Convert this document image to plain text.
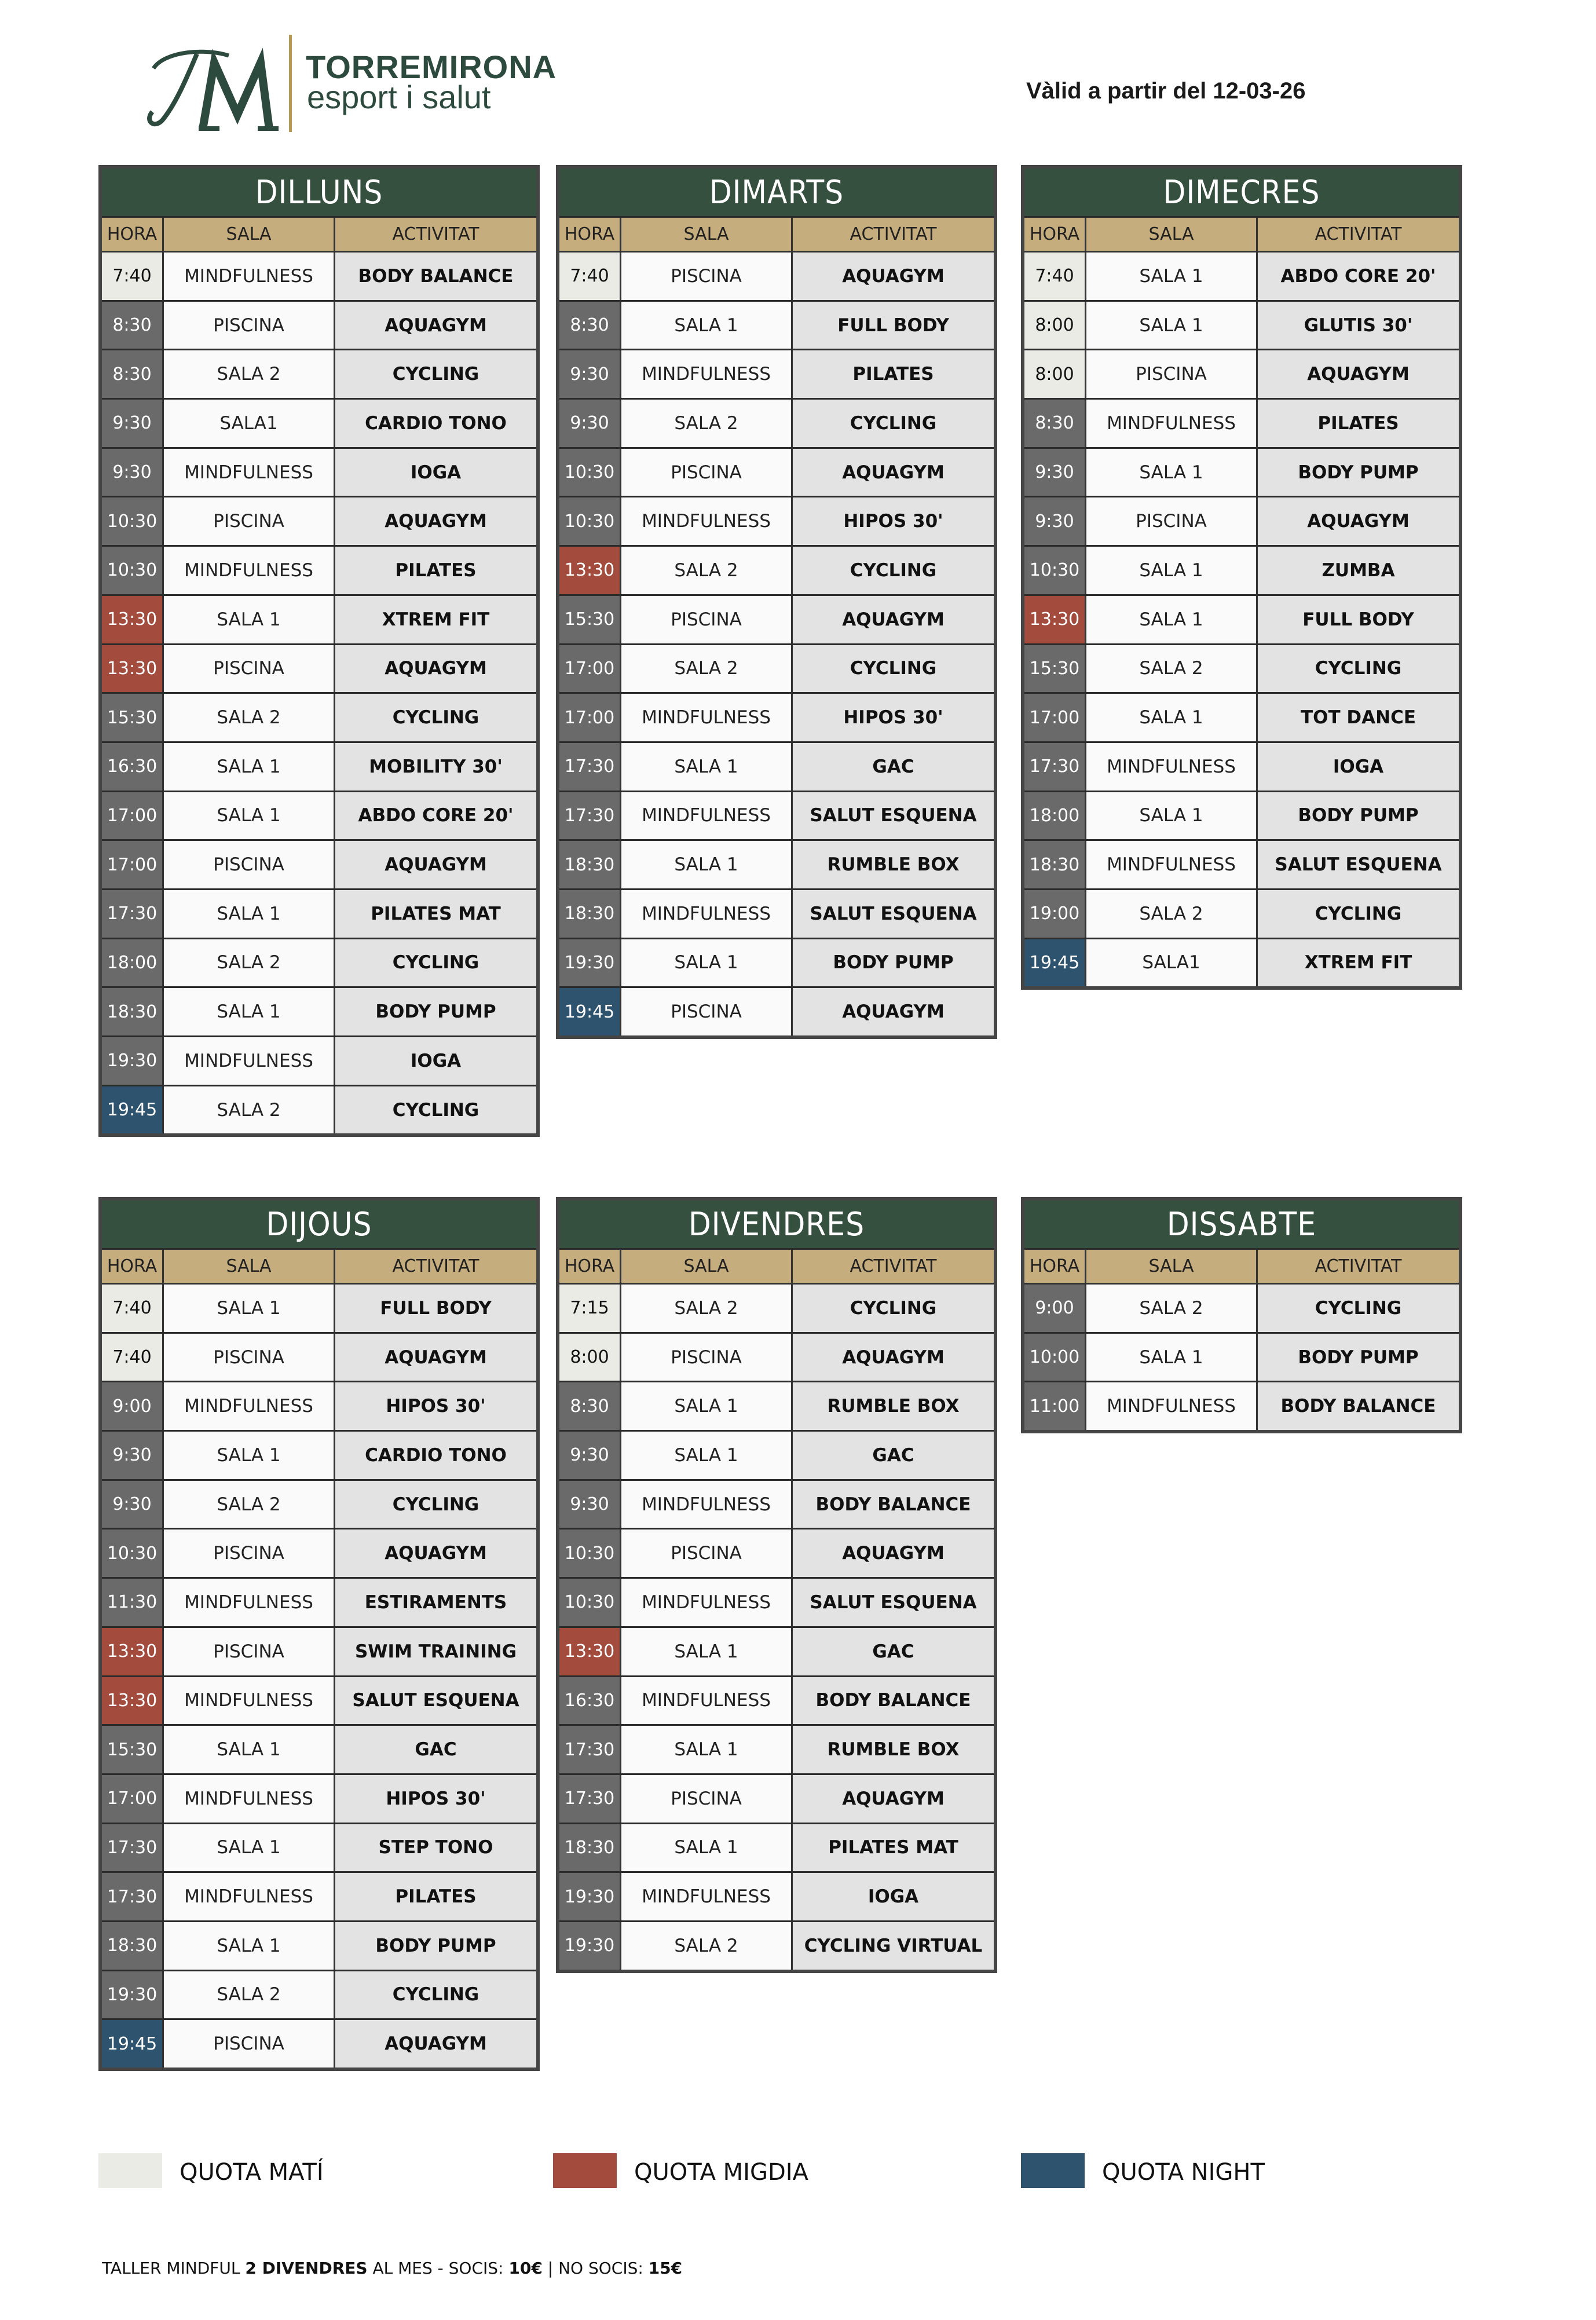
TORREMIRONA
esport i salut	Vàlid a partir del 12-03-26
DILLUNS
HORA	SALA	ACTIVITAT
7:40	MINDFULNESS	BODY BALANCE
8:30	PISCINA	AQUAGYM
8:30	SALA 2	CYCLING
9:30	SALA1	CARDIO TONO
9:30	MINDFULNESS	IOGA
10:30	PISCINA	AQUAGYM
10:30	MINDFULNESS	PILATES
13:30	SALA 1	XTREM FIT
13:30	PISCINA	AQUAGYM
15:30	SALA 2	CYCLING
16:30	SALA 1	MOBILITY 30'
17:00	SALA 1	ABDO CORE 20'
17:00	PISCINA	AQUAGYM
17:30	SALA 1	PILATES MAT
18:00	SALA 2	CYCLING
18:30	SALA 1	BODY PUMP
19:30	MINDFULNESS	IOGA
19:45	SALA 2	CYCLING
DIMARTS
HORA	SALA	ACTIVITAT
7:40	PISCINA	AQUAGYM
8:30	SALA 1	FULL BODY
9:30	MINDFULNESS	PILATES
9:30	SALA 2	CYCLING
10:30	PISCINA	AQUAGYM
10:30	MINDFULNESS	HIPOS 30'
13:30	SALA 2	CYCLING
15:30	PISCINA	AQUAGYM
17:00	SALA 2	CYCLING
17:00	MINDFULNESS	HIPOS 30'
17:30	SALA 1	GAC
17:30	MINDFULNESS	SALUT ESQUENA
18:30	SALA 1	RUMBLE BOX
18:30	MINDFULNESS	SALUT ESQUENA
19:30	SALA 1	BODY PUMP
19:45	PISCINA	AQUAGYM
DIMECRES
HORA	SALA	ACTIVITAT
7:40	SALA 1	ABDO CORE 20'
8:00	SALA 1	GLUTIS 30'
8:00	PISCINA	AQUAGYM
8:30	MINDFULNESS	PILATES
9:30	SALA 1	BODY PUMP
9:30	PISCINA	AQUAGYM
10:30	SALA 1	ZUMBA
13:30	SALA 1	FULL BODY
15:30	SALA 2	CYCLING
17:00	SALA 1	TOT DANCE
17:30	MINDFULNESS	IOGA
18:00	SALA 1	BODY PUMP
18:30	MINDFULNESS	SALUT ESQUENA
19:00	SALA 2	CYCLING
19:45	SALA1	XTREM FIT
DIJOUS
HORA	SALA	ACTIVITAT
7:40	SALA 1	FULL BODY
7:40	PISCINA	AQUAGYM
9:00	MINDFULNESS	HIPOS 30'
9:30	SALA 1	CARDIO TONO
9:30	SALA 2	CYCLING
10:30	PISCINA	AQUAGYM
11:30	MINDFULNESS	ESTIRAMENTS
13:30	PISCINA	SWIM TRAINING
13:30	MINDFULNESS	SALUT ESQUENA
15:30	SALA 1	GAC
17:00	MINDFULNESS	HIPOS 30'
17:30	SALA 1	STEP TONO
17:30	MINDFULNESS	PILATES
18:30	SALA 1	BODY PUMP
19:30	SALA 2	CYCLING
19:45	PISCINA	AQUAGYM
DIVENDRES
HORA	SALA	ACTIVITAT
7:15	SALA 2	CYCLING
8:00	PISCINA	AQUAGYM
8:30	SALA 1	RUMBLE BOX
9:30	SALA 1	GAC
9:30	MINDFULNESS	BODY BALANCE
10:30	PISCINA	AQUAGYM
10:30	MINDFULNESS	SALUT ESQUENA
13:30	SALA 1	GAC
16:30	MINDFULNESS	BODY BALANCE
17:30	SALA 1	RUMBLE BOX
17:30	PISCINA	AQUAGYM
18:30	SALA 1	PILATES MAT
19:30	MINDFULNESS	IOGA
19:30	SALA 2	CYCLING VIRTUAL
DISSABTE
HORA	SALA	ACTIVITAT
9:00	SALA 2	CYCLING
10:00	SALA 1	BODY PUMP
11:00	MINDFULNESS	BODY BALANCE
QUOTA MATÍ	QUOTA MIGDIA	QUOTA NIGHT
TALLER MINDFUL 2 DIVENDRES AL MES - SOCIS: 10€ | NO SOCIS: 15€
